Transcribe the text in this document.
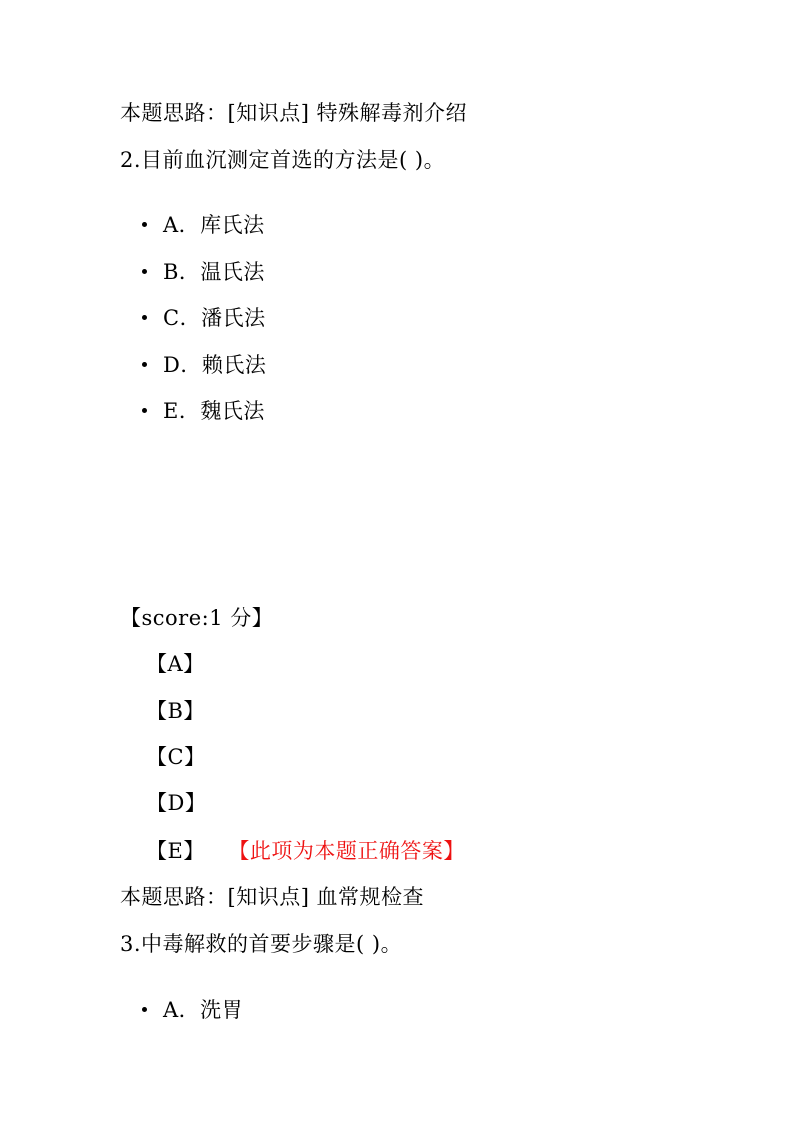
本题思路：[知识点] 特殊解毒剂介绍
2.目前血沉测定首选的方法是( )。
A．库氏法
B．温氏法
C．潘氏法
D．赖氏法
E．魏氏法
【score:1 分】
【A】
【B】
【C】
【D】
【E】 【此项为本题正确答案】
本题思路：[知识点] 血常规检查
3.中毒解救的首要步骤是( )。
A．洗胃
